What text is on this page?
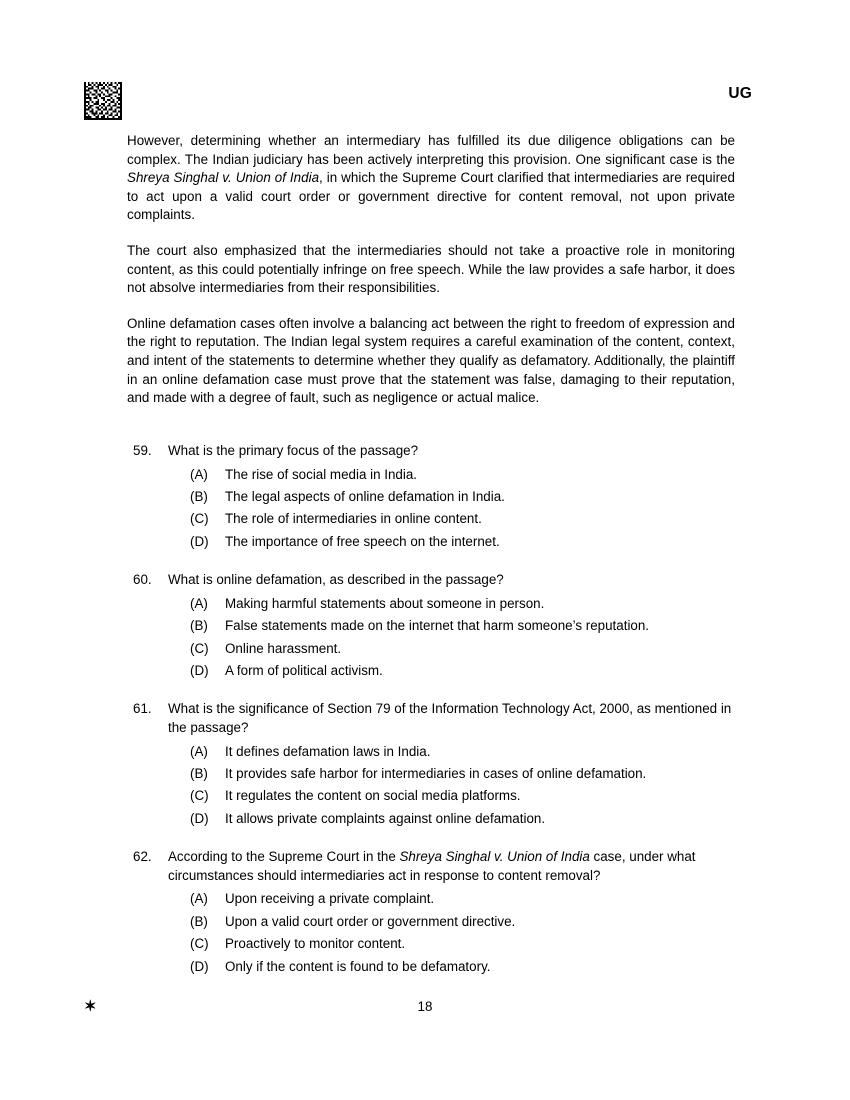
UG

However, determining whether an intermediary has fulfilled its due diligence obligations can be complex. The Indian judiciary has been actively interpreting this provision. One significant case is the Shreya Singhal v. Union of India, in which the Supreme Court clarified that intermediaries are required to act upon a valid court order or government directive for content removal, not upon private complaints.

The court also emphasized that the intermediaries should not take a proactive role in monitoring content, as this could potentially infringe on free speech. While the law provides a safe harbor, it does not absolve intermediaries from their responsibilities.

Online defamation cases often involve a balancing act between the right to freedom of expression and the right to reputation. The Indian legal system requires a careful examination of the content, context, and intent of the statements to determine whether they qualify as defamatory. Additionally, the plaintiff in an online defamation case must prove that the statement was false, damaging to their reputation, and made with a degree of fault, such as negligence or actual malice.

59.	What is the primary focus of the passage?
(A)	The rise of social media in India.
(B)	The legal aspects of online defamation in India.
(C)	The role of intermediaries in online content.
(D)	The importance of free speech on the internet.
60.	What is online defamation, as described in the passage?
(A)	Making harmful statements about someone in person.
(B)	False statements made on the internet that harm someone’s reputation.
(C)	Online harassment.
(D)	A form of political activism.
61.	What is the significance of Section 79 of the Information Technology Act, 2000, as mentioned in the passage?
(A)	It defines defamation laws in India.
(B)	It provides safe harbor for intermediaries in cases of online defamation.
(C)	It regulates the content on social media platforms.
(D)	It allows private complaints against online defamation.
62.	According to the Supreme Court in the Shreya Singhal v. Union of India case, under what circumstances should intermediaries act in response to content removal?
(A)	Upon receiving a private complaint.
(B)	Upon a valid court order or government directive.
(C)	Proactively to monitor content.
(D)	Only if the content is found to be defamatory.
✶	18
